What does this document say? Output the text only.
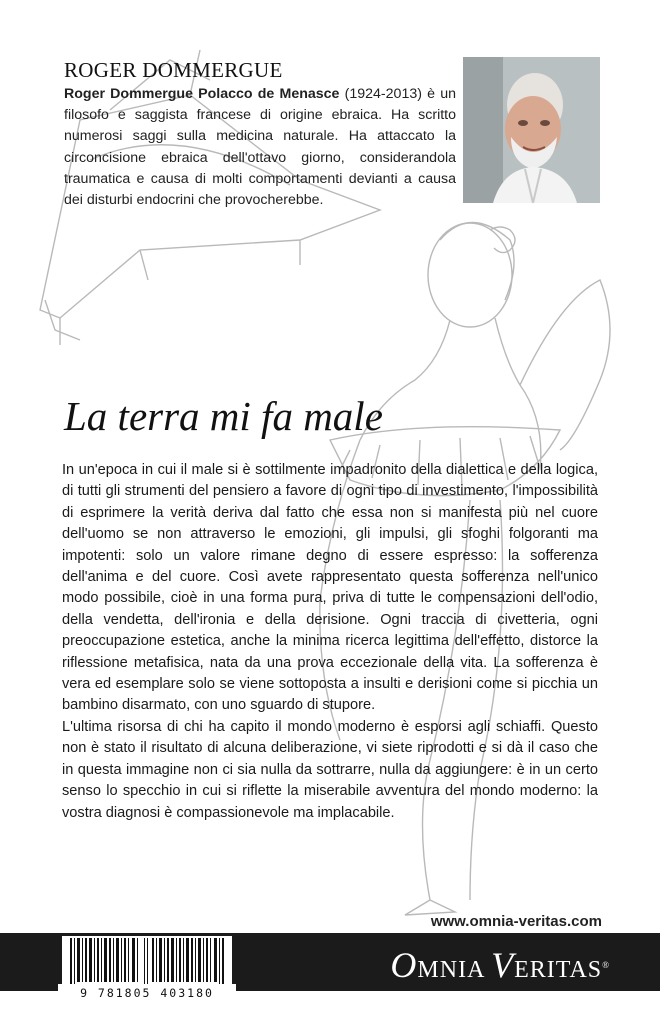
ROGER DOMMERGUE
Roger Dommergue Polacco de Menasce (1924-2013) è un filosofo e saggista francese di origine ebraica. Ha scritto numerosi saggi sulla medicina naturale. Ha attaccato la circoncisione ebraica dell'ottavo giorno, considerandola traumatica e causa di molti comportamenti devianti a causa dei disturbi endocrini che provocherebbe.
La terra mi fa male
In un'epoca in cui il male si è sottilmente impadronito della dialettica e della logica, di tutti gli strumenti del pensiero a favore di ogni tipo di investimento, l'impossibilità di esprimere la verità deriva dal fatto che essa non si manifesta più nel cuore dell'uomo se non attraverso le emozioni, gli impulsi, gli sfoghi folgoranti ma impotenti: solo un valore rimane degno di essere espresso: la sofferenza dell'anima e del cuore. Così avete rappresentato questa sofferenza nell'unico modo possibile, cioè in una forma pura, priva di tutte le compensazioni dell'odio, della vendetta, dell'ironia e della derisione. Ogni traccia di civetteria, ogni preoccupazione estetica, anche la minima ricerca legittima dell'effetto, distorce la riflessione metafisica, nata da una prova eccezionale della vita. La sofferenza è vera ed esemplare solo se viene sottoposta a insulti e derisioni come si picchia un bambino disarmato, con uno sguardo di stupore.
L'ultima risorsa di chi ha capito il mondo moderno è esporsi agli schiaffi. Questo non è stato il risultato di alcuna deliberazione, vi siete riprodotti e si dà il caso che in questa immagine non ci sia nulla da sottrarre, nulla da aggiungere: è in un certo senso lo specchio in cui si riflette la miserabile avventura del mondo moderno: la vostra diagnosi è compassionevole ma implacabile.
www.omnia-veritas.com
9 781805 403180
OMNIA VERITAS®
